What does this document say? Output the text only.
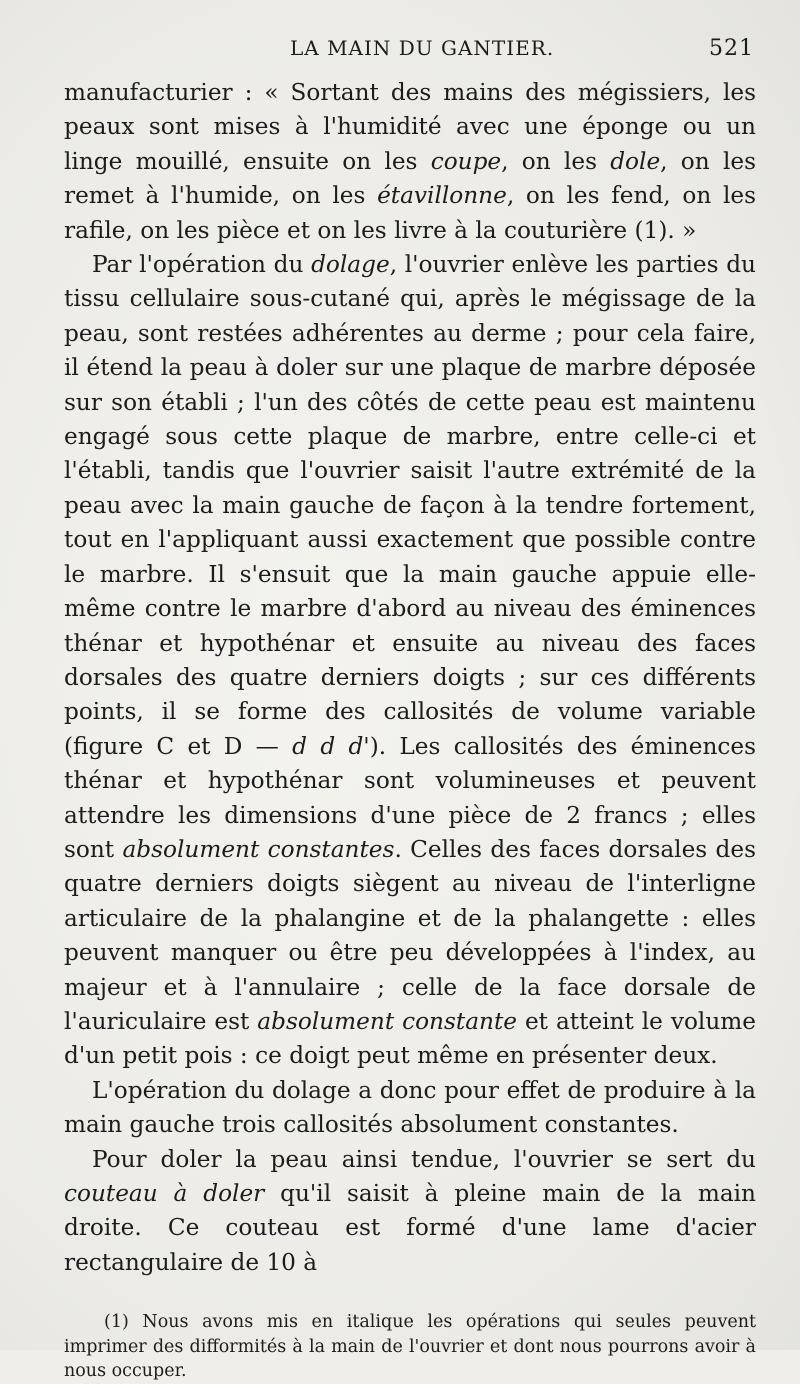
LA MAIN DU GANTIER.	521

manufacturier : « Sortant des mains des mégissiers, les peaux sont mises à l'humidité avec une éponge ou un linge mouillé, ensuite on les coupe, on les dole, on les remet à l'humide, on les étavillonne, on les fend, on les rafile, on les pièce et on les livre à la couturière (1). »

Par l'opération du dolage, l'ouvrier enlève les parties du tissu cellulaire sous-cutané qui, après le mégissage de la peau, sont restées adhérentes au derme ; pour cela faire, il étend la peau à doler sur une plaque de marbre déposée sur son établi ; l'un des côtés de cette peau est maintenu engagé sous cette plaque de marbre, entre celle-ci et l'établi, tandis que l'ouvrier saisit l'autre extrémité de la peau avec la main gauche de façon à la tendre fortement, tout en l'appliquant aussi exactement que possible contre le marbre. Il s'ensuit que la main gauche appuie elle-même contre le marbre d'abord au niveau des éminences thénar et hypothénar et ensuite au niveau des faces dorsales des quatre derniers doigts ; sur ces différents points, il se forme des callosités de volume variable (figure C et D — d d d'). Les callosités des éminences thénar et hypothénar sont volumineuses et peuvent attendre les dimensions d'une pièce de 2 francs ; elles sont absolument constantes. Celles des faces dorsales des quatre derniers doigts siègent au niveau de l'interligne articulaire de la phalangine et de la phalangette : elles peuvent manquer ou être peu développées à l'index, au majeur et à l'annulaire ; celle de la face dorsale de l'auriculaire est absolument constante et atteint le volume d'un petit pois : ce doigt peut même en présenter deux.

L'opération du dolage a donc pour effet de produire à la main gauche trois callosités absolument constantes.

Pour doler la peau ainsi tendue, l'ouvrier se sert du couteau à doler qu'il saisit à pleine main de la main droite. Ce couteau est formé d'une lame d'acier rectangulaire de 10 à

(1) Nous avons mis en italique les opérations qui seules peuvent imprimer des difformités à la main de l'ouvrier et dont nous pourrons avoir à nous occuper.
